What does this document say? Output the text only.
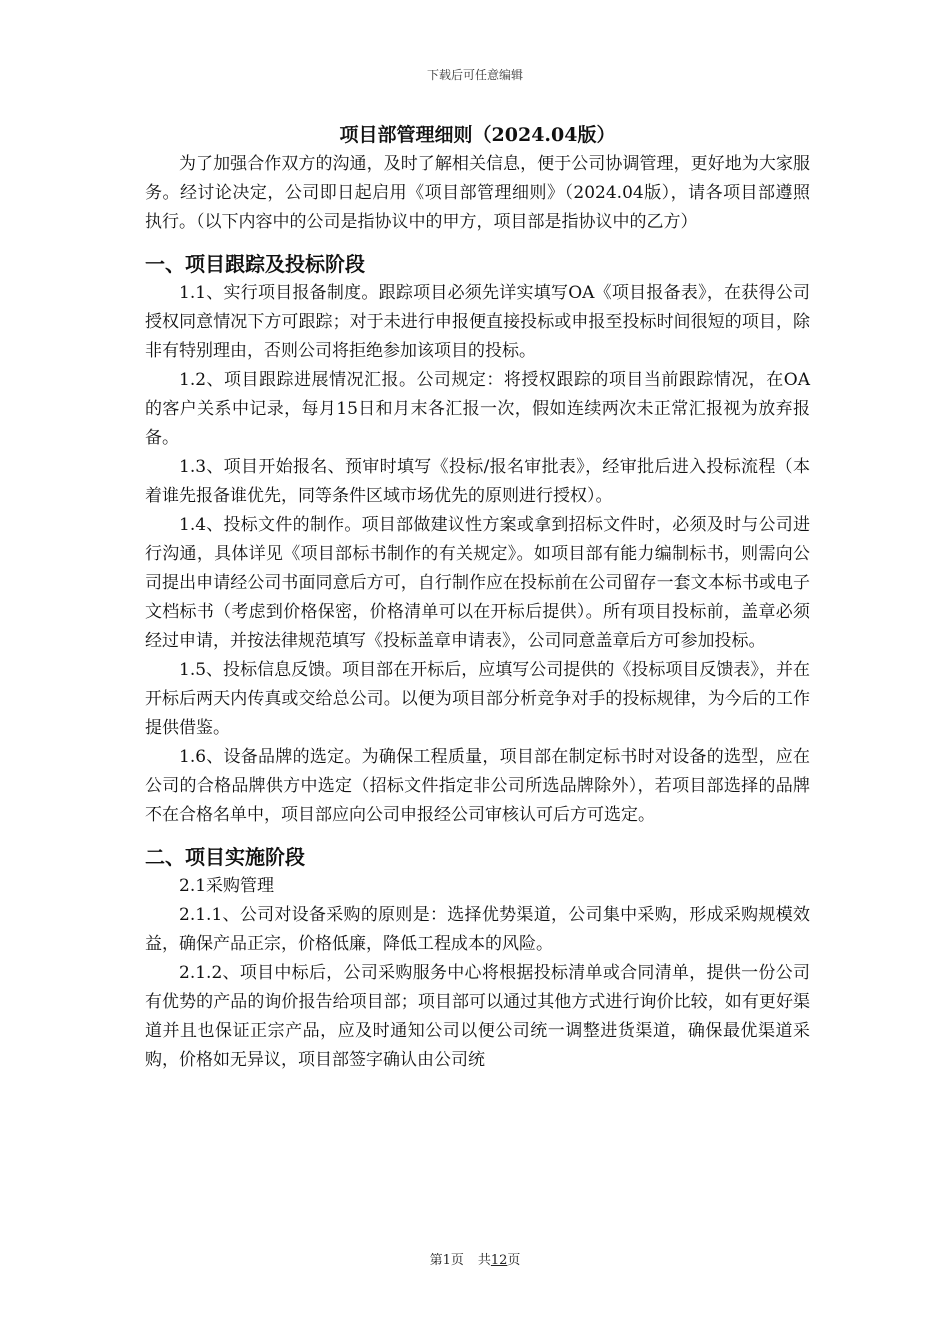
下载后可任意编辑
项目部管理细则（2024.04版）

为了加强合作双方的沟通，及时了解相关信息，便于公司协调管理，更好地为大家服务。经讨论决定，公司即日起启用《项目部管理细则》（2024.04版），请各项目部遵照执行。（以下内容中的公司是指协议中的甲方，项目部是指协议中的乙方）

一、项目跟踪及投标阶段

1.1、实行项目报备制度。跟踪项目必须先详实填写OA《项目报备表》，在获得公司授权同意情况下方可跟踪；对于未进行申报便直接投标或申报至投标时间很短的项目，除非有特别理由，否则公司将拒绝参加该项目的投标。

1.2、项目跟踪进展情况汇报。公司规定：将授权跟踪的项目当前跟踪情况，在OA的客户关系中记录，每月15日和月末各汇报一次，假如连续两次未正常汇报视为放弃报备。

1.3、项目开始报名、预审时填写《投标/报名审批表》，经审批后进入投标流程（本着谁先报备谁优先，同等条件区域市场优先的原则进行授权）。

1.4、投标文件的制作。项目部做建议性方案或拿到招标文件时，必须及时与公司进行沟通，具体详见《项目部标书制作的有关规定》。如项目部有能力编制标书，则需向公司提出申请经公司书面同意后方可，自行制作应在投标前在公司留存一套文本标书或电子文档标书（考虑到价格保密，价格清单可以在开标后提供）。所有项目投标前，盖章必须经过申请，并按法律规范填写《投标盖章申请表》，公司同意盖章后方可参加投标。

1.5、投标信息反馈。项目部在开标后，应填写公司提供的《投标项目反馈表》，并在开标后两天内传真或交给总公司。以便为项目部分析竞争对手的投标规律，为今后的工作提供借鉴。

1.6、设备品牌的选定。为确保工程质量，项目部在制定标书时对设备的选型，应在公司的合格品牌供方中选定（招标文件指定非公司所选品牌除外），若项目部选择的品牌不在合格名单中，项目部应向公司申报经公司审核认可后方可选定。

二、项目实施阶段

2.1采购管理

2.1.1、公司对设备采购的原则是：选择优势渠道，公司集中采购，形成采购规模效益，确保产品正宗，价格低廉，降低工程成本的风险。

2.1.2、项目中标后，公司采购服务中心将根据投标清单或合同清单，提供一份公司有优势的产品的询价报告给项目部；项目部可以通过其他方式进行询价比较，如有更好渠道并且也保证正宗产品，应及时通知公司以便公司统一调整进货渠道，确保最优渠道采购，价格如无异议，项目部签字确认由公司统

第1页 共12页
